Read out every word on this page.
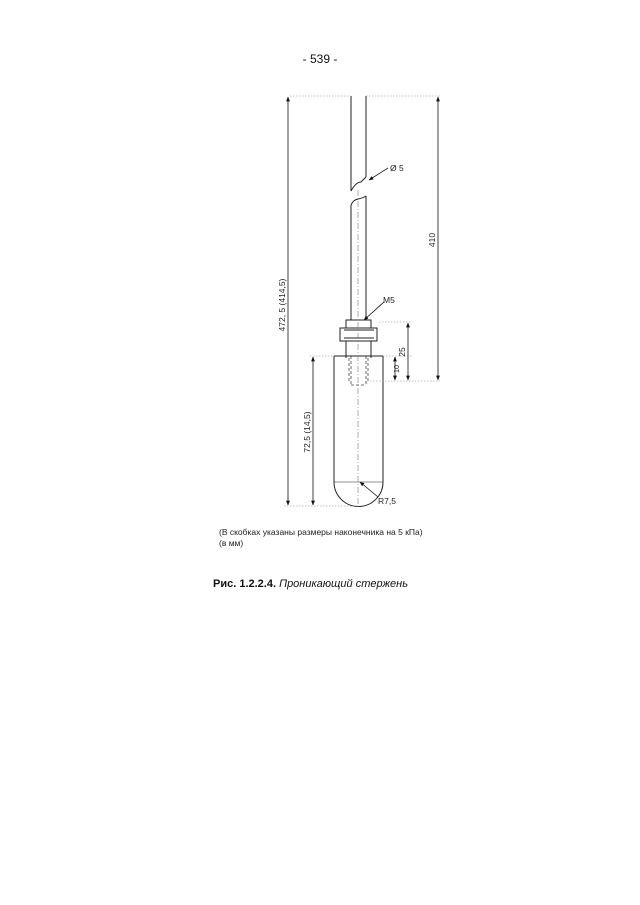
- 539 -
Ø 5
M5
R7,5
472, 5 (414,5)
410
25
10
72,5 (14,5)
(В скобках указаны размеры наконечника на 5 кПа)
(в мм)
Рис. 1.2.2.4. Проникающий стержень
